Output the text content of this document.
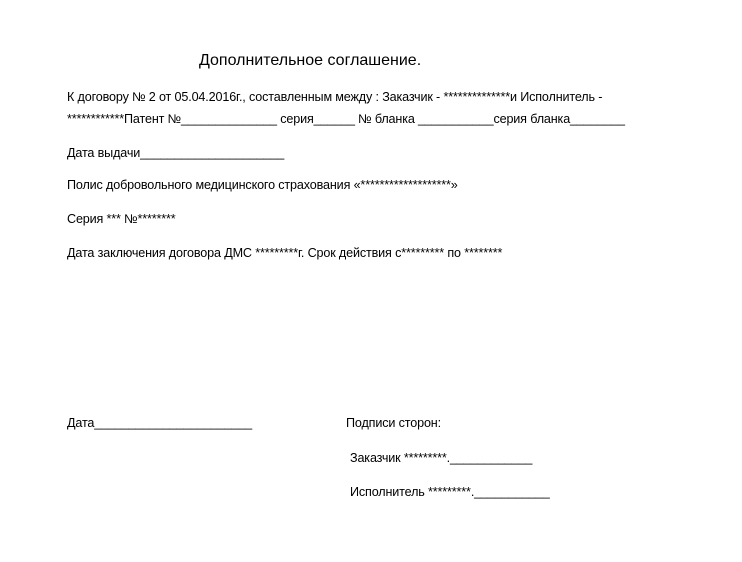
Дополнительное соглашение.
К договору № 2 от 05.04.2016г., составленным между : Заказчик - **************и Исполнитель -
************Патент №______________ серия______ № бланка ___________серия бланка________
Дата выдачи_____________________
Полис добровольного медицинского страхования «*******************»
Серия *** №********
Дата заключения договора ДМС *********г. Срок действия с********* по ********
Дата_______________________	Подписи сторон:
Заказчик *********.____________
Исполнитель *********.___________
